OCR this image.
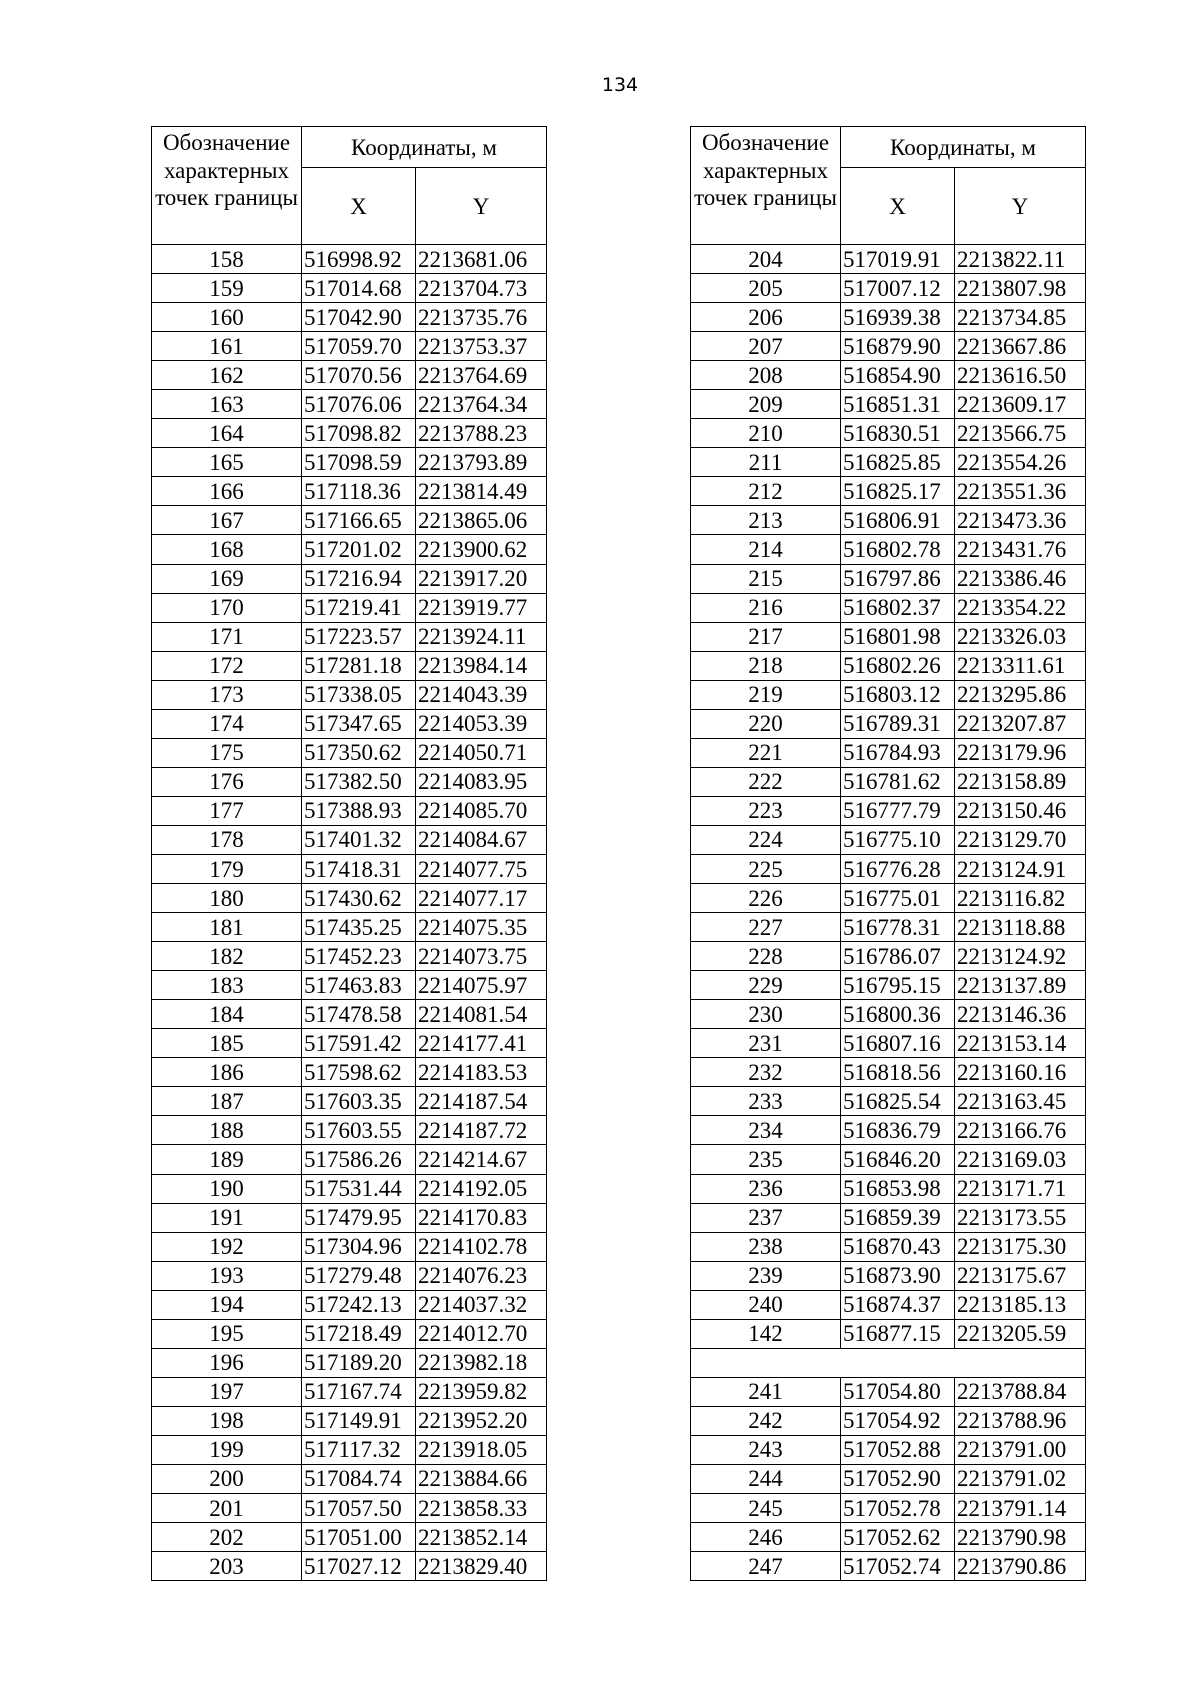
134
Обозначение характерных точек границы	Координаты, м	
	X	Y
158	516998.92	2213681.06
159	517014.68	2213704.73
160	517042.90	2213735.76
161	517059.70	2213753.37
162	517070.56	2213764.69
163	517076.06	2213764.34
164	517098.82	2213788.23
165	517098.59	2213793.89
166	517118.36	2213814.49
167	517166.65	2213865.06
168	517201.02	2213900.62
169	517216.94	2213917.20
170	517219.41	2213919.77
171	517223.57	2213924.11
172	517281.18	2213984.14
173	517338.05	2214043.39
174	517347.65	2214053.39
175	517350.62	2214050.71
176	517382.50	2214083.95
177	517388.93	2214085.70
178	517401.32	2214084.67
179	517418.31	2214077.75
180	517430.62	2214077.17
181	517435.25	2214075.35
182	517452.23	2214073.75
183	517463.83	2214075.97
184	517478.58	2214081.54
185	517591.42	2214177.41
186	517598.62	2214183.53
187	517603.35	2214187.54
188	517603.55	2214187.72
189	517586.26	2214214.67
190	517531.44	2214192.05
191	517479.95	2214170.83
192	517304.96	2214102.78
193	517279.48	2214076.23
194	517242.13	2214037.32
195	517218.49	2214012.70
196	517189.20	2213982.18
197	517167.74	2213959.82
198	517149.91	2213952.20
199	517117.32	2213918.05
200	517084.74	2213884.66
201	517057.50	2213858.33
202	517051.00	2213852.14
203	517027.12	2213829.40
Обозначение характерных точек границы	Координаты, м	
	X	Y
204	517019.91	2213822.11
205	517007.12	2213807.98
206	516939.38	2213734.85
207	516879.90	2213667.86
208	516854.90	2213616.50
209	516851.31	2213609.17
210	516830.51	2213566.75
211	516825.85	2213554.26
212	516825.17	2213551.36
213	516806.91	2213473.36
214	516802.78	2213431.76
215	516797.86	2213386.46
216	516802.37	2213354.22
217	516801.98	2213326.03
218	516802.26	2213311.61
219	516803.12	2213295.86
220	516789.31	2213207.87
221	516784.93	2213179.96
222	516781.62	2213158.89
223	516777.79	2213150.46
224	516775.10	2213129.70
225	516776.28	2213124.91
226	516775.01	2213116.82
227	516778.31	2213118.88
228	516786.07	2213124.92
229	516795.15	2213137.89
230	516800.36	2213146.36
231	516807.16	2213153.14
232	516818.56	2213160.16
233	516825.54	2213163.45
234	516836.79	2213166.76
235	516846.20	2213169.03
236	516853.98	2213171.71
237	516859.39	2213173.55
238	516870.43	2213175.30
239	516873.90	2213175.67
240	516874.37	2213185.13
142	516877.15	2213205.59

241	517054.80	2213788.84
242	517054.92	2213788.96
243	517052.88	2213791.00
244	517052.90	2213791.02
245	517052.78	2213791.14
246	517052.62	2213790.98
247	517052.74	2213790.86
